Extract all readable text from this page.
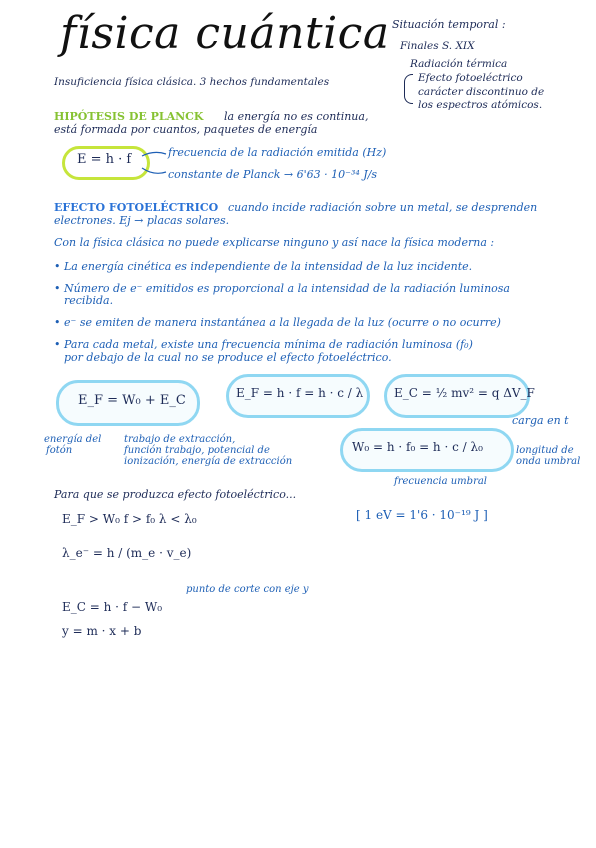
física cuántica Situación temporal :
Finales S. XIX
Radiación térmica
Efecto fotoeléctrico
carácter discontinuo de
los espectros atómicos.
Insuficiencia física clásica. 3 hechos fundamentales
HIPÓTESIS DE PLANCK la energía no es continua,
está formada por cuantos, paquetes de energía
E = h · f	frecuencia de la radiación emitida (Hz)
constante de Planck → 6'63 · 10⁻³⁴ J/s
EFECTO FOTOELÉCTRICO cuando incide radiación sobre un metal, se desprenden
electrones. Ej → placas solares.
Con la física clásica no puede explicarse ninguno y así nace la física moderna :
• La energía cinética es independiente de la intensidad de la luz incidente.
• Número de e⁻ emitidos es proporcional a la intensidad de la radiación luminosa
recibida.
• e⁻ se emiten de manera instantánea a la llegada de la luz (ocurre o no ocurre)
• Para cada metal, existe una frecuencia mínima de radiación luminosa (f₀)
por debajo de la cual no se produce el efecto fotoeléctrico.
E_F = W₀ + E_C	E_F = h · f = h · c / λ	E_C = ½ mv² = q ΔV_F
carga en t
W₀ = h · f₀ = h · c / λ₀	longitud de
onda umbral
frecuencia umbral
energía del
fotón
trabajo de extracción,
función trabajo, potencial de
ionización, energía de extracción
Para que se produzca efecto fotoeléctrico...
E_F > W₀ f > f₀ λ < λ₀	[ 1 eV = 1'6 · 10⁻¹⁹ J ]
λ_e⁻ = h / (m_e · v_e)
punto de corte con eje y
E_C = h · f − W₀
y = m · x + b
